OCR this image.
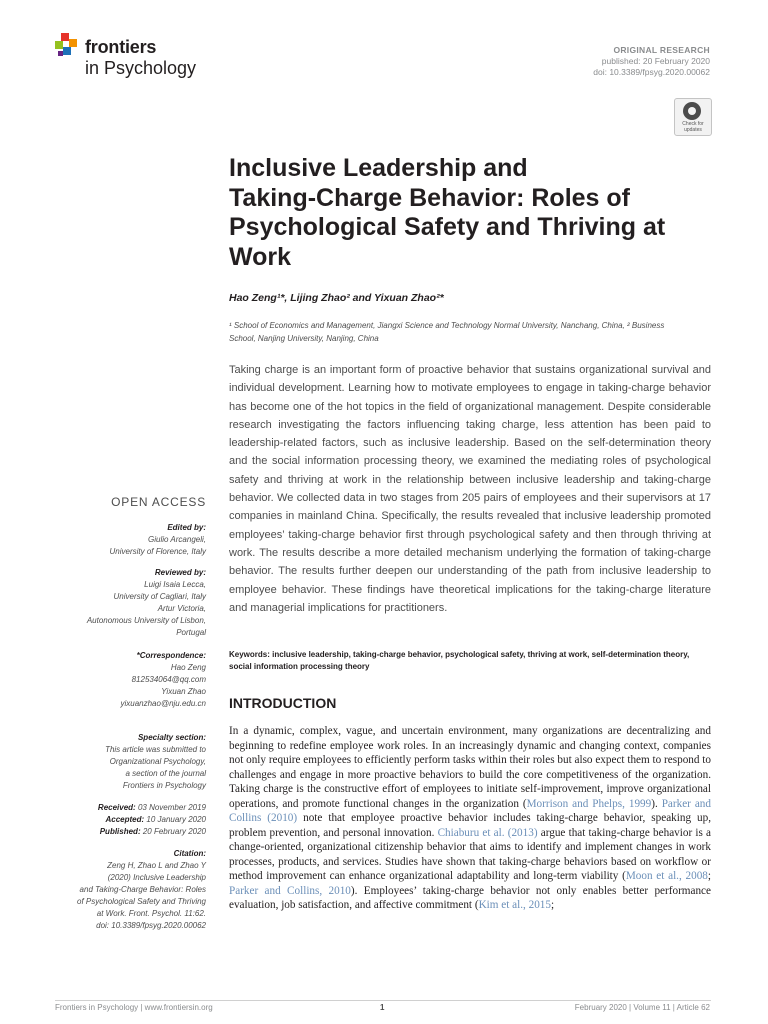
frontiers
in Psychology
ORIGINAL RESEARCH
published: 20 February 2020
doi: 10.3389/fpsyg.2020.00062
Check for
updates
Inclusive Leadership and
Taking-Charge Behavior: Roles of
Psychological Safety and Thriving at
Work
Hao Zeng¹*, Lijing Zhao² and Yixuan Zhao²*
¹ School of Economics and Management, Jiangxi Science and Technology Normal University, Nanchang, China, ² Business
School, Nanjing University, Nanjing, China
Taking charge is an important form of proactive behavior that sustains organizational survival and individual development. Learning how to motivate employees to engage in taking-charge behavior has become one of the hot topics in the field of organizational management. Despite considerable research investigating the factors influencing taking charge, less attention has been paid to leadership-related factors, such as inclusive leadership. Based on the self-determination theory and the social information processing theory, we examined the mediating roles of psychological safety and thriving at work in the relationship between inclusive leadership and taking-charge behavior. We collected data in two stages from 205 pairs of employees and their supervisors at 17 companies in mainland China. Specifically, the results revealed that inclusive leadership promoted employees’ taking-charge behavior first through psychological safety and then through thriving at work. The results describe a more detailed mechanism underlying the formation of taking-charge behavior. The results further deepen our understanding of the path from inclusive leadership to employee behavior. These findings have theoretical implications for the taking-charge literature and managerial implications for practitioners.
Keywords: inclusive leadership, taking-charge behavior, psychological safety, thriving at work, self-determination theory, social information processing theory
INTRODUCTION
In a dynamic, complex, vague, and uncertain environment, many organizations are decentralizing and beginning to redefine employee work roles. In an increasingly dynamic and changing context, companies not only require employees to efficiently perform tasks within their roles but also expect them to respond to challenges and engage in more proactive behaviors to build the core competitiveness of the organization. Taking charge is the constructive effort of employees to initiate self-improvement, improve organizational operations, and promote functional changes in the organization (Morrison and Phelps, 1999). Parker and Collins (2010) note that employee proactive behavior includes taking-charge behavior, speaking up, problem prevention, and personal innovation. Chiaburu et al. (2013) argue that taking-charge behavior is a change-oriented, organizational citizenship behavior that aims to identify and implement changes in work processes, products, and services. Studies have shown that taking-charge behaviors based on workflow or method improvement can enhance organizational adaptability and long-term viability (Moon et al., 2008; Parker and Collins, 2010). Employees’ taking-charge behavior not only enables better performance evaluation, job satisfaction, and affective commitment (Kim et al., 2015;
OPEN ACCESS
Edited by:
Giulio Arcangeli,
University of Florence, Italy
Reviewed by:
Luigi Isaia Lecca,
University of Cagliari, Italy
Artur Victoria,
Autonomous University of Lisbon,
Portugal
*Correspondence:
Hao Zeng
812534064@qq.com
Yixuan Zhao
yixuanzhao@nju.edu.cn
Specialty section:
This article was submitted to
Organizational Psychology,
a section of the journal
Frontiers in Psychology
Received: 03 November 2019
Accepted: 10 January 2020
Published: 20 February 2020
Citation:
Zeng H, Zhao L and Zhao Y
(2020) Inclusive Leadership
and Taking-Charge Behavior: Roles
of Psychological Safety and Thriving
at Work. Front. Psychol. 11:62.
doi: 10.3389/fpsyg.2020.00062
Frontiers in Psychology | www.frontiersin.org	1	February 2020 | Volume 11 | Article 62
